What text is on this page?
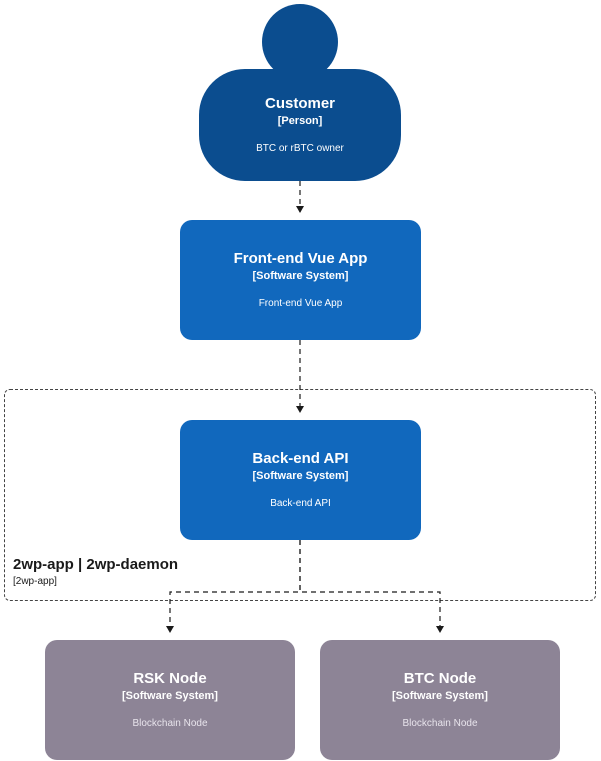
2wp-app | 2wp-daemon
[2wp-app]
Customer
[Person]
BTC or rBTC owner
Front-end Vue App
[Software System]
Front-end Vue App
Back-end API
[Software System]
Back-end API
RSK Node
[Software System]
Blockchain Node
BTC Node
[Software System]
Blockchain Node
